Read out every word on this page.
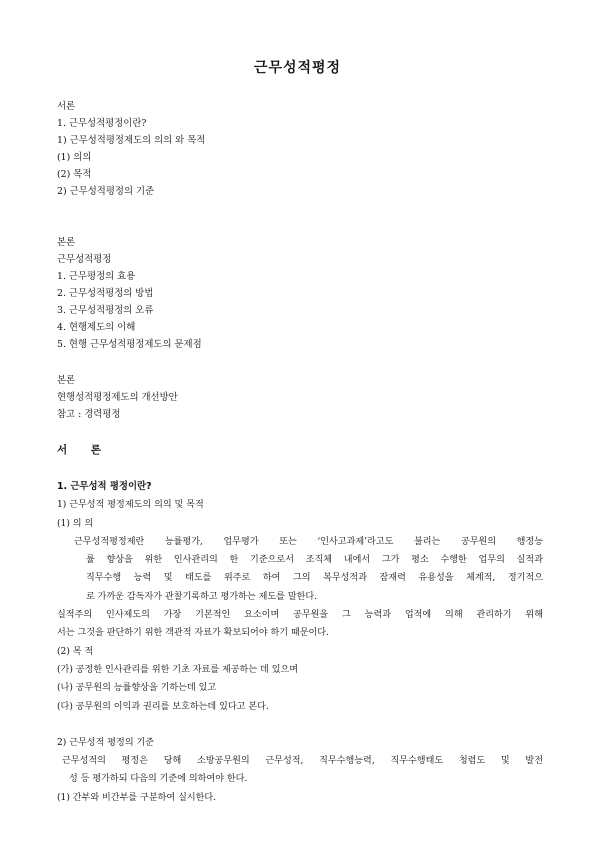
근무성적평정
서론
1. 근무성적평정이란?
1) 근무성적평정제도의 의의 와 목적
(1) 의의
(2) 목적
2) 근무성적평정의 기준
본론
근무성적평정
1. 근무평정의 효용
2. 근무성적평정의 방법
3. 근무성적평정의 오류
4. 현행제도의 이해
5. 현행 근무성적평정제도의 문제점
본론
현행성적평정제도의 개선방안
참고 : 경력평정
서 론
1. 근무성적 평정이란?
1) 근무성적 평정제도의 의의 및 목적
(1) 의 의
근무성적평정제란 능률평가, 업무평가 또는 ‘인사고과제’라고도 불리는 공무원의 행정능
률 향상을 위한 인사관리의 한 기준으로서 조직체 내에서 그가 평소 수행한 업무의 실적과
직무수행 능력 및 태도를 위주로 하여 그의 복무성적과 잠재력 유용성을 체계적, 정기적으
로 가까운 감독자가 관찰기록하고 평가하는 제도를 말한다.
실적주의 인사제도의 가장 기본적인 요소이며 공무원을 그 능력과 업적에 의해 관리하기 위해
서는 그것을 판단하기 위한 객관적 자료가 확보되어야 하기 때문이다.
(2) 목 적
(가) 공정한 인사관리를 위한 기초 자료를 제공하는 데 있으며
(나) 공무원의 능률향상을 기하는데 있고
(다) 공무원의 이익과 권리를 보호하는데 있다고 본다.
2) 근무성적 평정의 기준
근무성적의 평정은 당해 소방공무원의 근무성적, 직무수행능력, 직무수행태도 청렴도 및 발전
성 등 평가하되 다음의 기준에 의하여야 한다.
(1) 간부와 비간부를 구분하여 실시한다.
